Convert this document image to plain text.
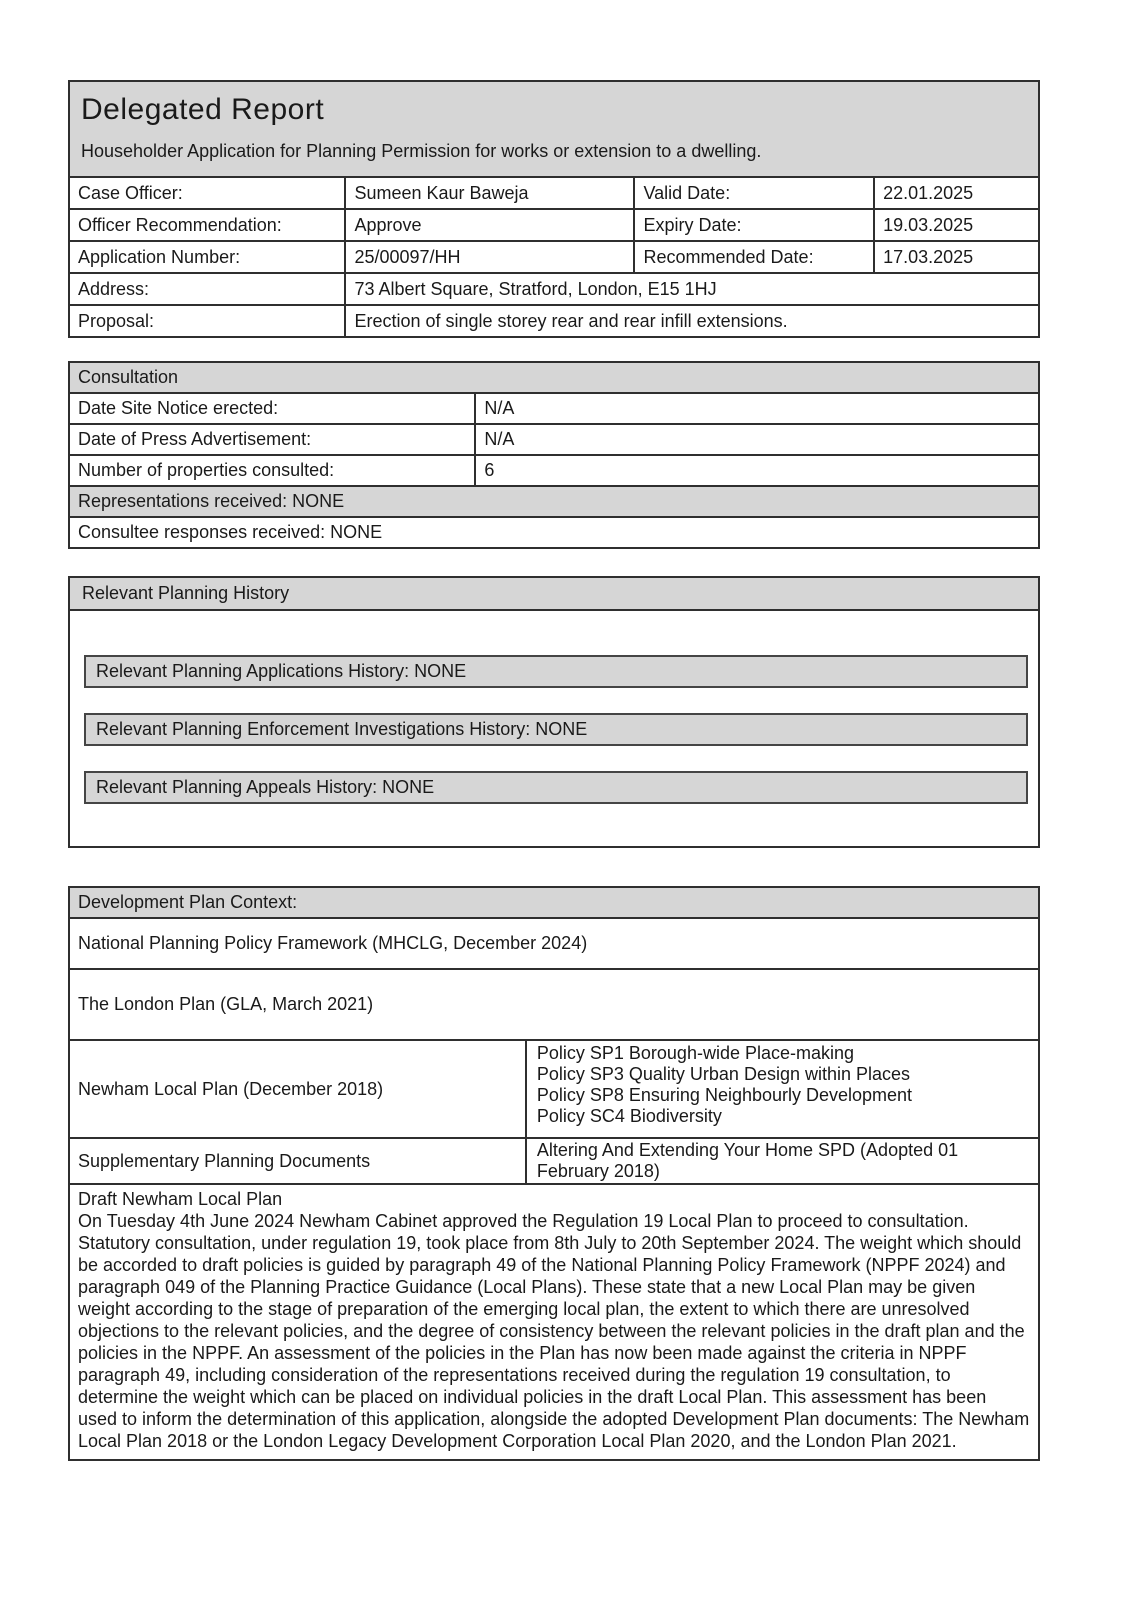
Delegated Report
Householder Application for Planning Permission for works or extension to a dwelling.
Case Officer:	Sumeen Kaur Baweja	Valid Date:	22.01.2025
Officer Recommendation:	Approve	Expiry Date:	19.03.2025
Application Number:	25/00097/HH	Recommended Date:	17.03.2025
Address:	73 Albert Square, Stratford, London, E15 1HJ		
Proposal:	Erection of single storey rear and rear infill extensions.		
Consultation	
Date Site Notice erected:	N/A
Date of Press Advertisement:	N/A
Number of properties consulted:	6
Representations received: NONE	
Consultee responses received: NONE	
Relevant Planning History
Relevant Planning Applications History: NONE
Relevant Planning Enforcement Investigations History: NONE
Relevant Planning Appeals History: NONE
Development Plan Context:	
National Planning Policy Framework (MHCLG, December 2024)	
The London Plan (GLA, March 2021)	
Newham Local Plan (December 2018)	Policy SP1 Borough-wide Place-making
Policy SP3 Quality Urban Design within Places
Policy SP8 Ensuring Neighbourly Development
Policy SC4 Biodiversity

Supplementary Planning Documents	Altering And Extending Your Home SPD (Adopted 01 February 2018)

Draft Newham Local Plan
On Tuesday 4th June 2024 Newham Cabinet approved the Regulation 19 Local Plan to proceed to consultation. Statutory consultation, under regulation 19, took place from 8th July to 20th September 2024. The weight which should be accorded to draft policies is guided by paragraph 49 of the National Planning Policy Framework (NPPF 2024) and paragraph 049 of the Planning Practice Guidance (Local Plans). These state that a new Local Plan may be given weight according to the stage of preparation of the emerging local plan, the extent to which there are unresolved objections to the relevant policies, and the degree of consistency between the relevant policies in the draft plan and the policies in the NPPF. An assessment of the policies in the Plan has now been made against the criteria in NPPF paragraph 49, including consideration of the representations received during the regulation 19 consultation, to determine the weight which can be placed on individual policies in the draft Local Plan. This assessment has been used to inform the determination of this application, alongside the adopted Development Plan documents: The Newham Local Plan 2018 or the London Legacy Development Corporation Local Plan 2020, and the London Plan 2021.	
